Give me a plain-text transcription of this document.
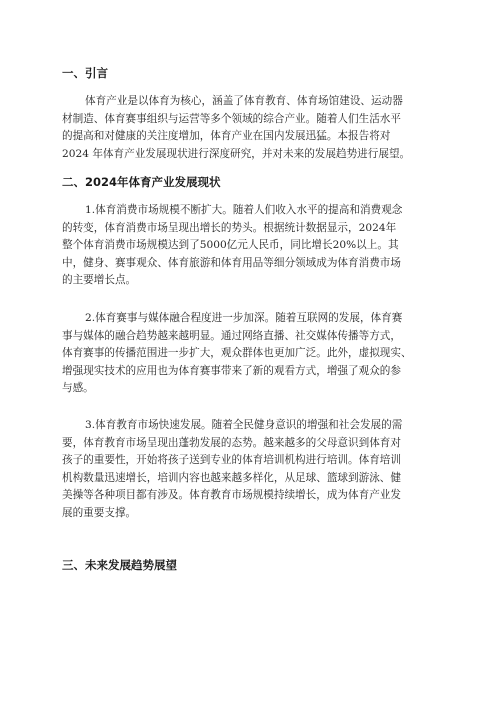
一、引言
体育产业是以体育为核心，涵盖了体育教育、体育场馆建设、运动器
材制造、体育赛事组织与运营等多个领域的综合产业。随着人们生活水平
的提高和对健康的关注度增加，体育产业在国内发展迅猛。本报告将对
2024 年体育产业发展现状进行深度研究，并对未来的发展趋势进行展望。
二、2024年体育产业发展现状
1.体育消费市场规模不断扩大。随着人们收入水平的提高和消费观念
的转变，体育消费市场呈现出增长的势头。根据统计数据显示，2024年
整个体育消费市场规模达到了5000亿元人民币，同比增长20%以上。其
中，健身、赛事观众、体育旅游和体育用品等细分领域成为体育消费市场
的主要增长点。
2.体育赛事与媒体融合程度进一步加深。随着互联网的发展，体育赛
事与媒体的融合趋势越来越明显。通过网络直播、社交媒体传播等方式，
体育赛事的传播范围进一步扩大，观众群体也更加广泛。此外，虚拟现实、
增强现实技术的应用也为体育赛事带来了新的观看方式，增强了观众的参
与感。
3.体育教育市场快速发展。随着全民健身意识的增强和社会发展的需
要，体育教育市场呈现出蓬勃发展的态势。越来越多的父母意识到体育对
孩子的重要性，开始将孩子送到专业的体育培训机构进行培训。体育培训
机构数量迅速增长，培训内容也越来越多样化，从足球、篮球到游泳、健
美操等各种项目都有涉及。体育教育市场规模持续增长，成为体育产业发
展的重要支撑。
三、未来发展趋势展望
